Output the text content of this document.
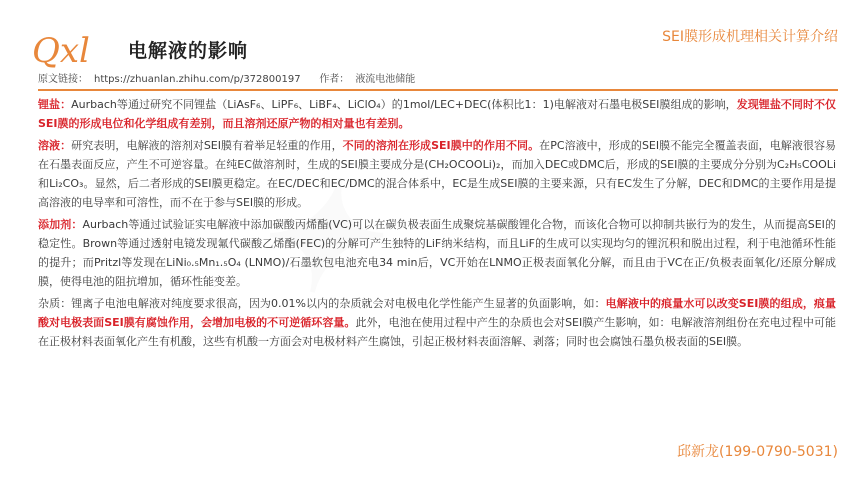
Qxl 电解液的影响
SEI膜形成机理相关计算介绍
原文链接： https://zhuanlan.zhihu.com/p/372800197 作者： 液流电池储能
✦

锂盐：Aurbach等通过研究不同锂盐（LiAsF₆、LiPF₆、LiBF₄、LiClO₄）的1mol/LEC+DEC(体积比1：1)电解液对石墨电极SEI膜组成的影响，发现锂盐不同时不仅SEI膜的形成电位和化学组成有差别，而且溶剂还原产物的相对量也有差别。

溶液：研究表明，电解液的溶剂对SEI膜有着举足轻重的作用，不同的溶剂在形成SEI膜中的作用不同。在PC溶液中，形成的SEI膜不能完全覆盖表面，电解液很容易在石墨表面反应，产生不可逆容量。在纯EC做溶剂时，生成的SEI膜主要成分是(CH₂OCOOLi)₂，而加入DEC或DMC后，形成的SEI膜的主要成分分别为C₂H₅COOLi 和Li₂CO₃。显然，后二者形成的SEI膜更稳定。在EC/DEC和EC/DMC的混合体系中，EC是生成SEI膜的主要来源，只有EC发生了分解，DEC和DMC的主要作用是提高溶液的电导率和可溶性，而不在于参与SEI膜的形成。

添加剂：Aurbach等通过试验证实电解液中添加碳酸丙烯酯(VC)可以在碳负极表面生成聚烷基碳酸锂化合物，而该化合物可以抑制共嵌行为的发生，从而提高SEI的稳定性。Brown等通过透射电镜发现氟代碳酸乙烯酯(FEC)的分解可产生独特的LiF纳米结构，而且LiF的生成可以实现均匀的锂沉积和脱出过程，利于电池循环性能的提升；而Pritzl等发现在LiNi₀.₅Mn₁.₅O₄ (LNMO)/石墨软包电池充电34 min后，VC开始在LNMO正极表面氧化分解，而且由于VC在正/负极表面氧化/还原分解成膜，使得电池的阻抗增加，循环性能变差。

杂质：锂离子电池电解液对纯度要求很高，因为0.01%以内的杂质就会对电极电化学性能产生显著的负面影响，如：电解液中的痕量水可以改变SEI膜的组成，痕量酸对电极表面SEI膜有腐蚀作用，会增加电极的不可逆循环容量。此外，电池在使用过程中产生的杂质也会对SEI膜产生影响，如：电解液溶剂组份在充电过程中可能在正极材料表面氧化产生有机酸，这些有机酸一方面会对电极材料产生腐蚀，引起正极材料表面溶解、剥落；同时也会腐蚀石墨负极表面的SEI膜。

邱新龙(199-0790-5031)
